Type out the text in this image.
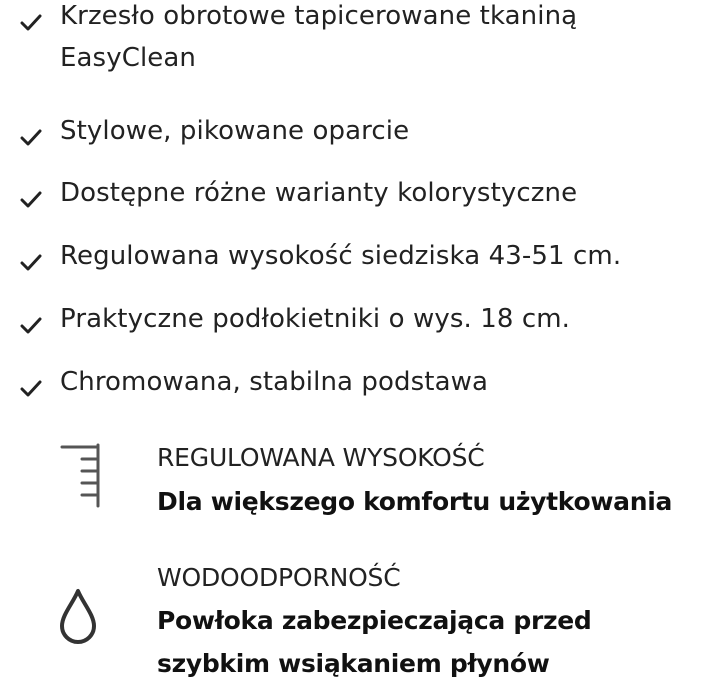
Krzesło obrotowe tapicerowane tkaniną
EasyClean
Stylowe, pikowane oparcie
Dostępne różne warianty kolorystyczne
Regulowana wysokość siedziska 43-51 cm.
Praktyczne podłokietniki o wys. 18 cm.
Chromowana, stabilna podstawa
REGULOWANA WYSOKOŚĆ
Dla większego komfortu użytkowania
WODOODPORNOŚĆ
Powłoka zabezpieczająca przed
szybkim wsiąkaniem płynów
